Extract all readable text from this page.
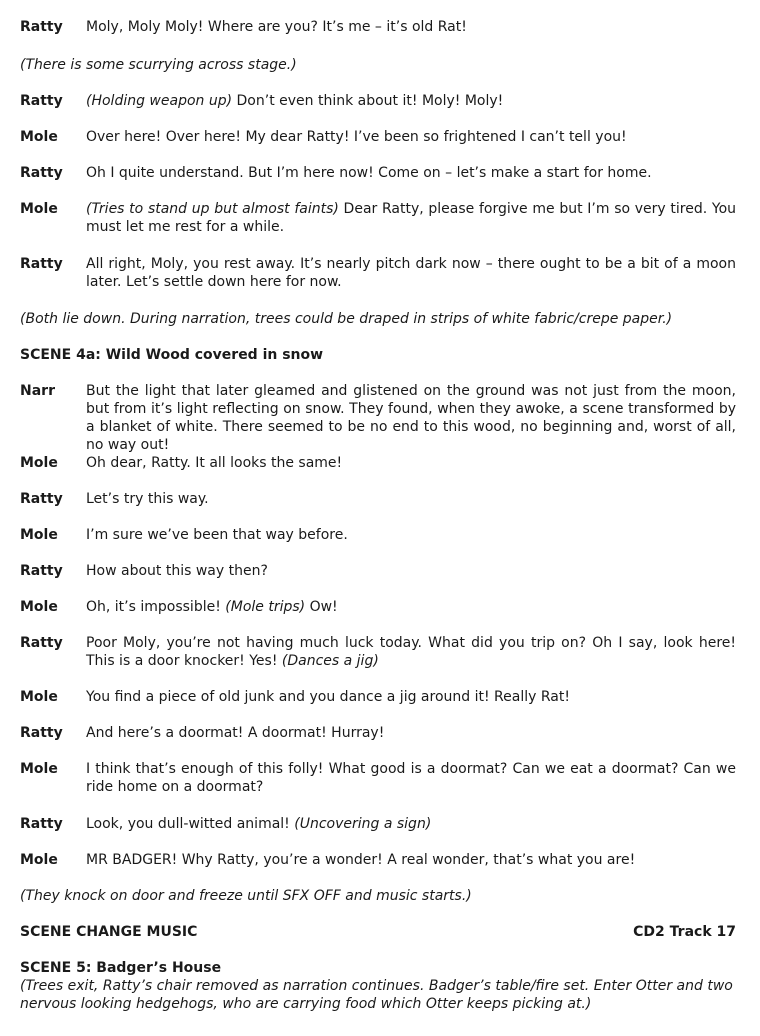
Ratty Moly, Moly Moly! Where are you? It’s me – it’s old Rat!
(There is some scurrying across stage.)
Ratty (Holding weapon up) Don’t even think about it! Moly! Moly!
Mole Over here! Over here! My dear Ratty! I’ve been so frightened I can’t tell you!
Ratty Oh I quite understand. But I’m here now! Come on – let’s make a start for home.
Mole (Tries to stand up but almost faints) Dear Ratty, please forgive me but I’m so very tired. You must let me rest for a while.
Ratty All right, Moly, you rest away. It’s nearly pitch dark now – there ought to be a bit of a moon later. Let’s settle down here for now.
(Both lie down. During narration, trees could be draped in strips of white fabric/crepe paper.)
SCENE 4a: Wild Wood covered in snow
Narr But the light that later gleamed and glistened on the ground was not just from the moon, but from it’s light reflecting on snow. They found, when they awoke, a scene transformed by a blanket of white. There seemed to be no end to this wood, no beginning and, worst of all, no way out!
Mole Oh dear, Ratty. It all looks the same!
Ratty Let’s try this way.
Mole I’m sure we’ve been that way before.
Ratty How about this way then?
Mole Oh, it’s impossible! (Mole trips) Ow!
Ratty Poor Moly, you’re not having much luck today. What did you trip on? Oh I say, look here! This is a door knocker! Yes! (Dances a jig)
Mole You find a piece of old junk and you dance a jig around it! Really Rat!
Ratty And here’s a doormat! A doormat! Hurray!
Mole I think that’s enough of this folly! What good is a doormat? Can we eat a doormat? Can we ride home on a doormat?
Ratty Look, you dull-witted animal! (Uncovering a sign)
Mole MR BADGER! Why Ratty, you’re a wonder! A real wonder, that’s what you are!
(They knock on door and freeze until SFX OFF and music starts.)
SCENE CHANGE MUSIC	CD2 Track 17
SCENE 5: Badger’s House
(Trees exit, Ratty’s chair removed as narration continues. Badger’s table/fire set. Enter Otter and two nervous looking hedgehogs, who are carrying food which Otter keeps picking at.)
